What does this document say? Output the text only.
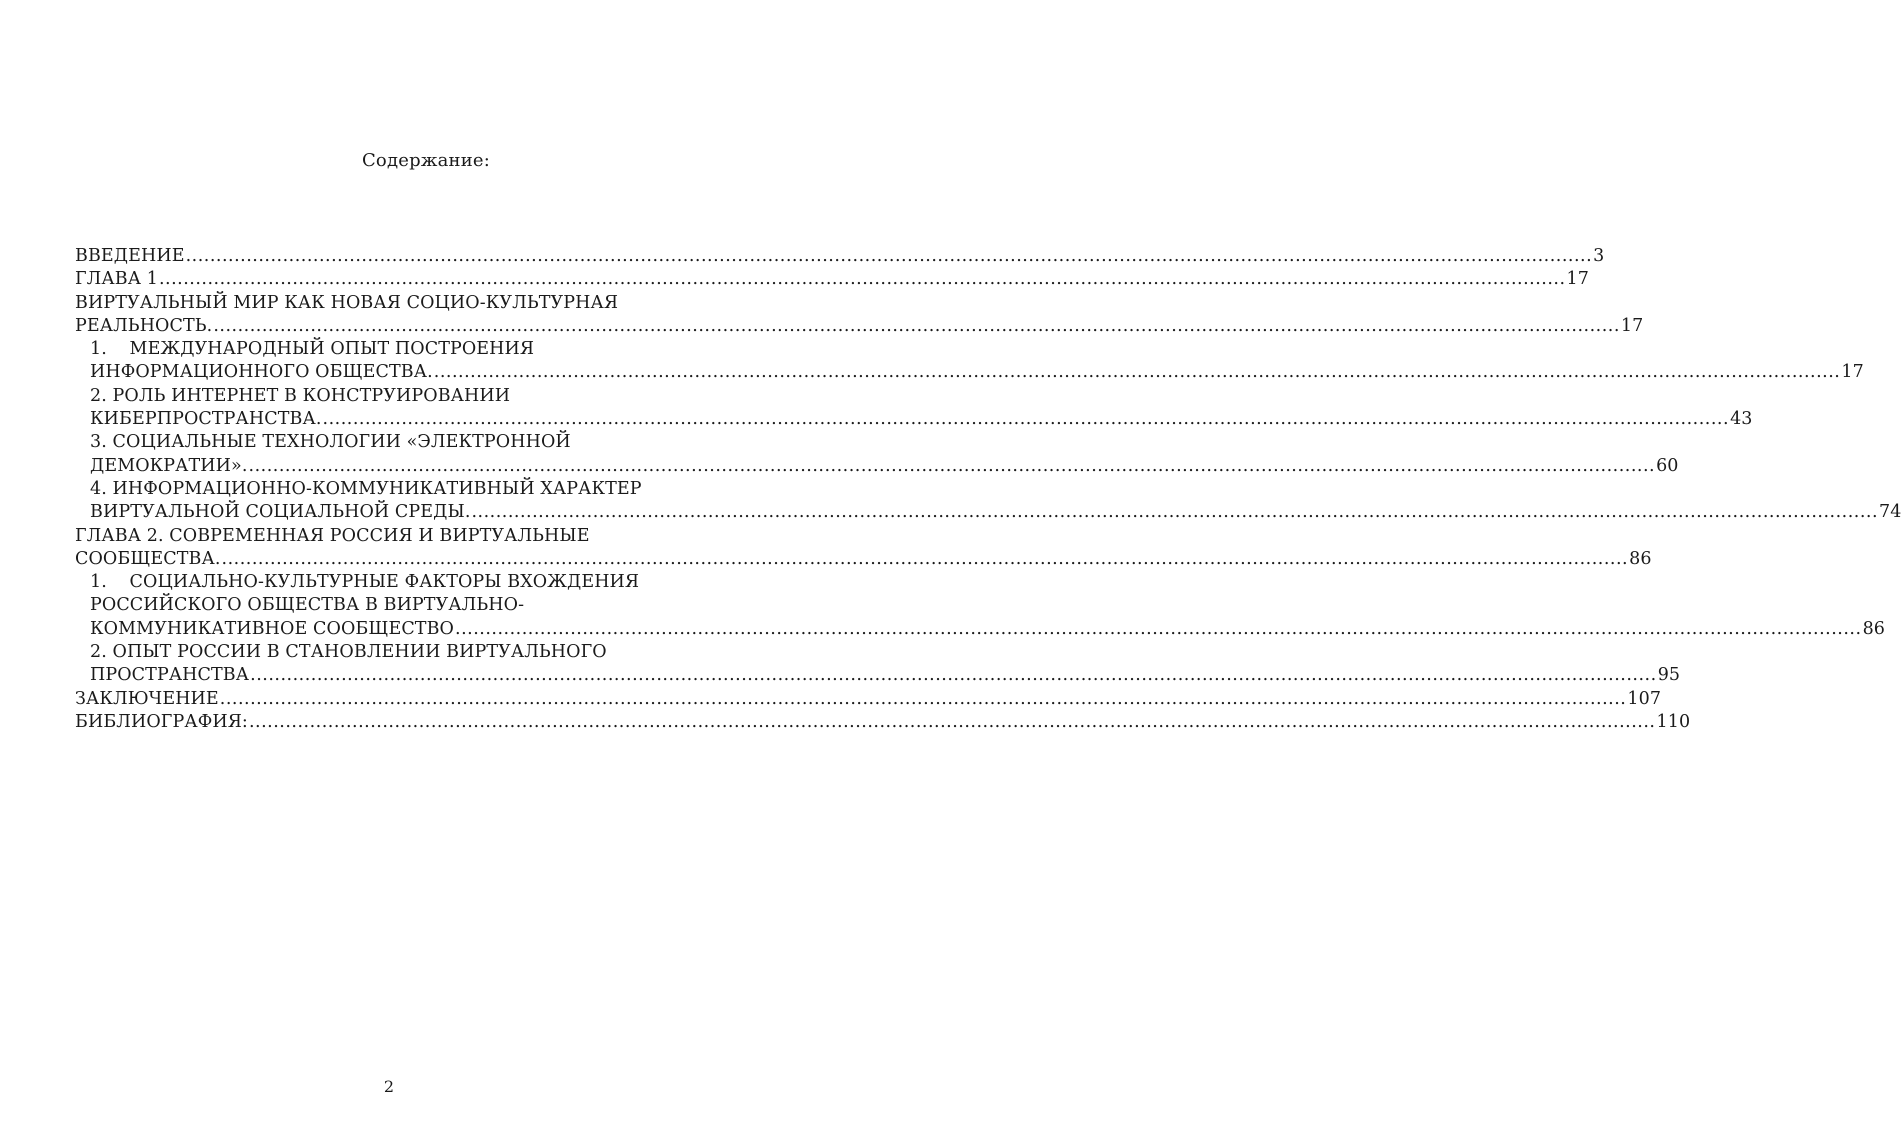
Содержание:
ВВЕДЕНИЕ .....	3
ГЛАВА 1 .....	17
ВИРТУАЛЬНЫЙ МИР КАК НОВАЯ СОЦИО-КУЛЬТУРНАЯ
РЕАЛЬНОСТЬ. .....	17
1.    МЕЖДУНАРОДНЫЙ ОПЫТ ПОСТРОЕНИЯ
ИНФОРМАЦИОННОГО ОБЩЕСТВА. .....	17
2. РОЛЬ ИНТЕРНЕТ В КОНСТРУИРОВАНИИ
КИБЕРПРОСТРАНСТВА. .....	43
3. СОЦИАЛЬНЫЕ ТЕХНОЛОГИИ «ЭЛЕКТРОННОЙ
ДЕМОКРАТИИ». .....	60
4. ИНФОРМАЦИОННО-КОММУНИКАТИВНЫЙ ХАРАКТЕР
ВИРТУАЛЬНОЙ СОЦИАЛЬНОЙ СРЕДЫ. .....	74
ГЛАВА 2. СОВРЕМЕННАЯ РОССИЯ И ВИРТУАЛЬНЫЕ
СООБЩЕСТВА. .....	86
1.    СОЦИАЛЬНО-КУЛЬТУРНЫЕ ФАКТОРЫ ВХОЖДЕНИЯ
РОССИЙСКОГО ОБЩЕСТВА В ВИРТУАЛЬНО-
КОММУНИКАТИВНОЕ СООБЩЕСТВО .....	86
2. ОПЫТ РОССИИ В СТАНОВЛЕНИИ ВИРТУАЛЬНОГО
ПРОСТРАНСТВА .....	95
ЗАКЛЮЧЕНИЕ .....	107
БИБЛИОГРАФИЯ: .....	110
2
